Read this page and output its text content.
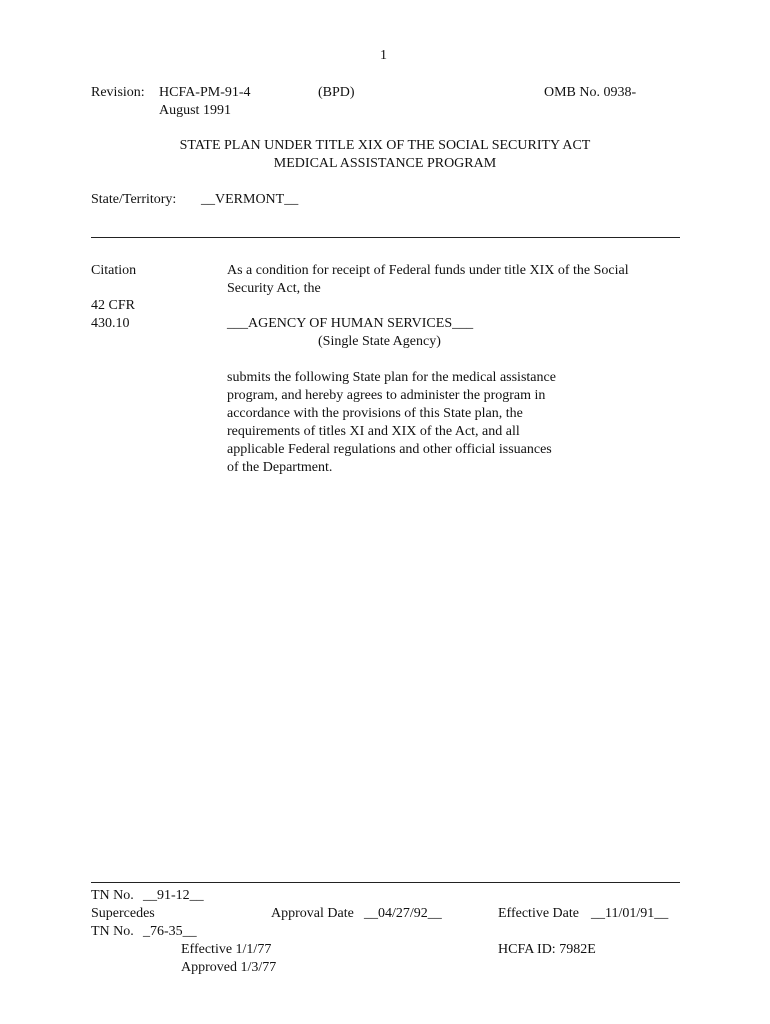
1
Revision: HCFA-PM-91-4
August 1991
(BPD)	OMB No. 0938-
STATE PLAN UNDER TITLE XIX OF THE SOCIAL SECURITY ACT
MEDICAL ASSISTANCE PROGRAM
State/Territory: __VERMONT__
Citation
42 CFR
430.10
As a condition for receipt of Federal funds under title XIX of the Social
Security Act, the
___AGENCY OF HUMAN SERVICES___
(Single State Agency)
submits the following State plan for the medical assistance
program, and hereby agrees to administer the program in
accordance with the provisions of this State plan, the
requirements of titles XI and XIX of the Act, and all
applicable Federal regulations and other official issuances
of the Department.
TN No. __91-12__
Supercedes
TN No. _76-35__
Effective 1/1/77
Approved 1/3/77
Approval Date __04/27/92__	Effective Date __11/01/91__
HCFA ID: 7982E
